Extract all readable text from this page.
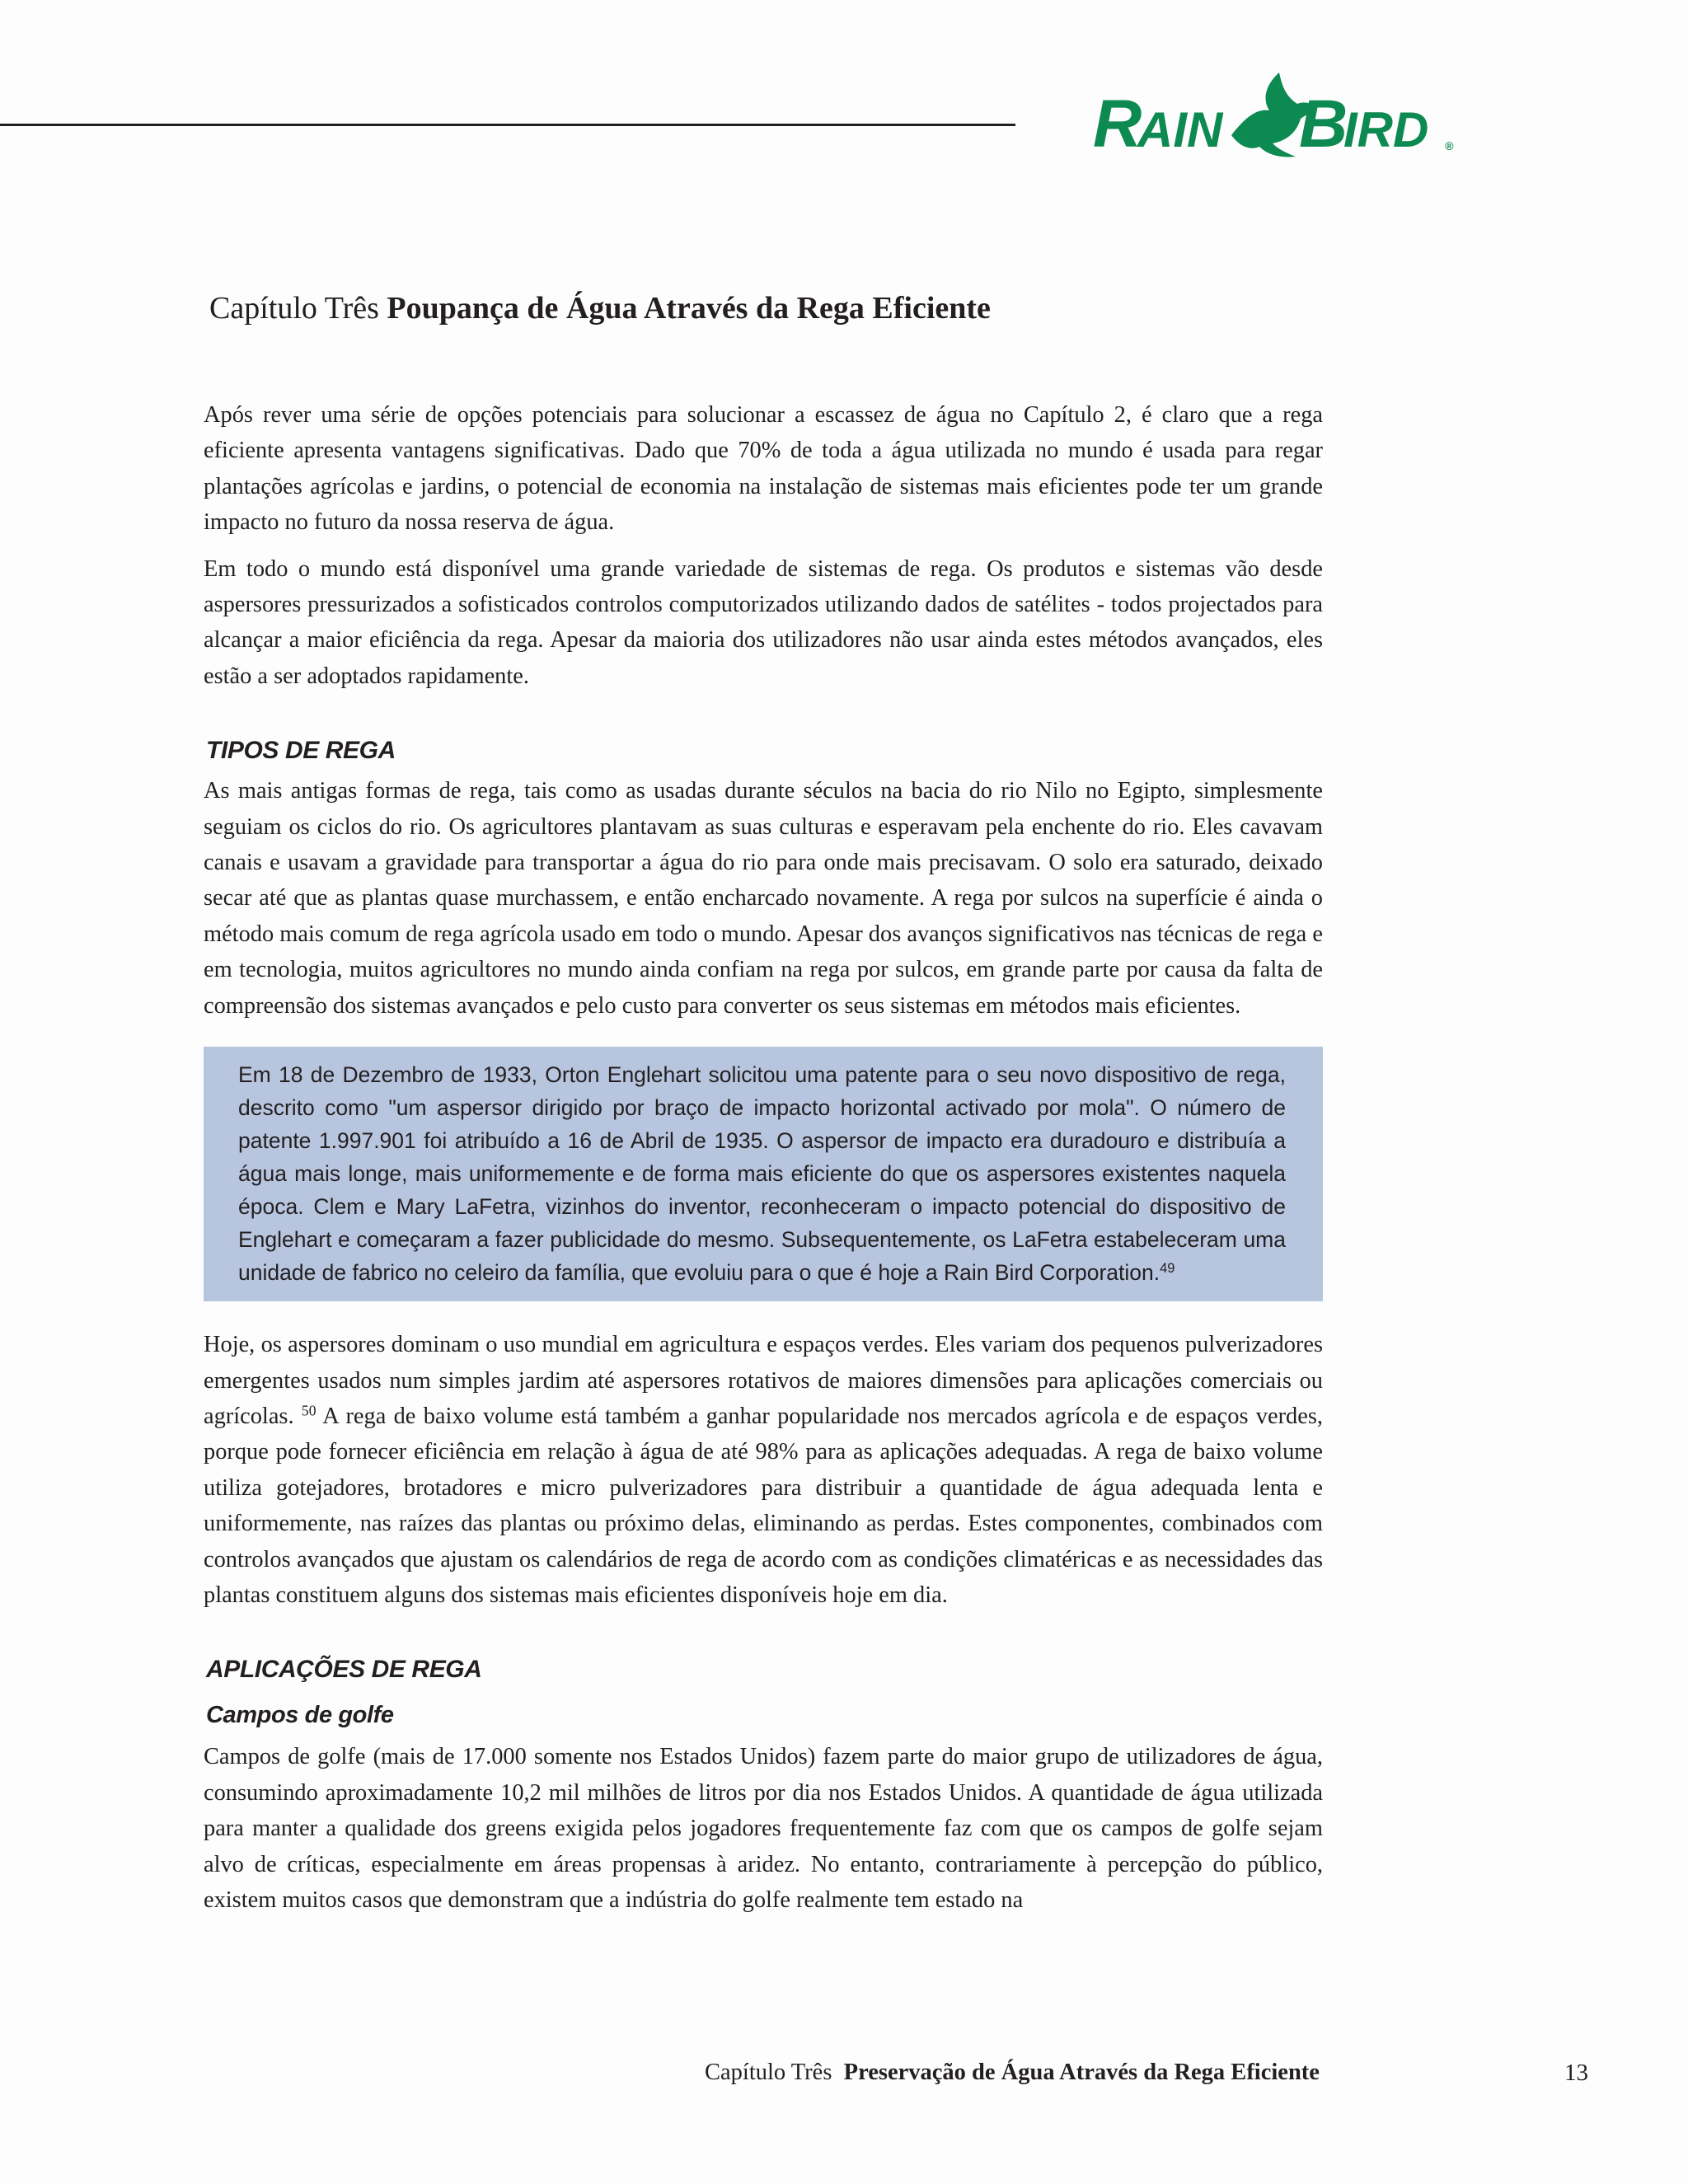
R
AIN B
IRD ®
Capítulo Três Poupança de Água Através da Rega Eficiente

Após rever uma série de opções potenciais para solucionar a escassez de água no Capítulo 2, é claro que a rega eficiente apresenta vantagens significativas. Dado que 70% de toda a água utilizada no mundo é usada para regar plantações agrícolas e jardins, o potencial de economia na instalação de sistemas mais eficientes pode ter um grande impacto no futuro da nossa reserva de água.

Em todo o mundo está disponível uma grande variedade de sistemas de rega. Os produtos e sistemas vão desde aspersores pressurizados a sofisticados controlos computorizados utilizando dados de satélites - todos projectados para alcançar a maior eficiência da rega. Apesar da maioria dos utilizadores não usar ainda estes métodos avançados, eles estão a ser adoptados rapidamente.

TIPOS DE REGA

As mais antigas formas de rega, tais como as usadas durante séculos na bacia do rio Nilo no Egipto, simplesmente seguiam os ciclos do rio. Os agricultores plantavam as suas culturas e esperavam pela enchente do rio. Eles cavavam canais e usavam a gravidade para transportar a água do rio para onde mais precisavam. O solo era saturado, deixado secar até que as plantas quase murchassem, e então encharcado novamente. A rega por sulcos na superfície é ainda o método mais comum de rega agrícola usado em todo o mundo. Apesar dos avanços significativos nas técnicas de rega e em tecnologia, muitos agricultores no mundo ainda confiam na rega por sulcos, em grande parte por causa da falta de compreensão dos sistemas avançados e pelo custo para converter os seus sistemas em métodos mais eficientes.

Em 18 de Dezembro de 1933, Orton Englehart solicitou uma patente para o seu novo dispositivo de rega, descrito como "um aspersor dirigido por braço de impacto horizontal activado por mola". O número de patente 1.997.901 foi atribuído a 16 de Abril de 1935. O aspersor de impacto era duradouro e distribuía a água mais longe, mais uniformemente e de forma mais eficiente do que os aspersores existentes naquela época. Clem e Mary LaFetra, vizinhos do inventor, reconheceram o impacto potencial do dispositivo de Englehart e começaram a fazer publicidade do mesmo. Subsequentemente, os LaFetra estabeleceram uma unidade de fabrico no celeiro da família, que evoluiu para o que é hoje a Rain Bird Corporation.$^{49}$

Hoje, os aspersores dominam o uso mundial em agricultura e espaços verdes. Eles variam dos pequenos pulverizadores emergentes usados num simples jardim até aspersores rotativos de maiores dimensões para aplicações comerciais ou agrícolas. $^{50}$ A rega de baixo volume está também a ganhar popularidade nos mercados agrícola e de espaços verdes, porque pode fornecer eficiência em relação à água de até 98% para as aplicações adequadas. A rega de baixo volume utiliza gotejadores, brotadores e micro pulverizadores para distribuir a quantidade de água adequada lenta e uniformemente, nas raízes das plantas ou próximo delas, eliminando as perdas. Estes componentes, combinados com controlos avançados que ajustam os calendários de rega de acordo com as condições climatéricas e as necessidades das plantas constituem alguns dos sistemas mais eficientes disponíveis hoje em dia.

APLICAÇÕES DE REGA
Campos de golfe

Campos de golfe (mais de 17.000 somente nos Estados Unidos) fazem parte do maior grupo de utilizadores de água, consumindo aproximadamente 10,2 mil milhões de litros por dia nos Estados Unidos. A quantidade de água utilizada para manter a qualidade dos greens exigida pelos jogadores frequentemente faz com que os campos de golfe sejam alvo de críticas, especialmente em áreas propensas à aridez. No entanto, contrariamente à percepção do público, existem muitos casos que demonstram que a indústria do golfe realmente tem estado na

Capítulo Três Preservação de Água Através da Rega Eficiente	13
